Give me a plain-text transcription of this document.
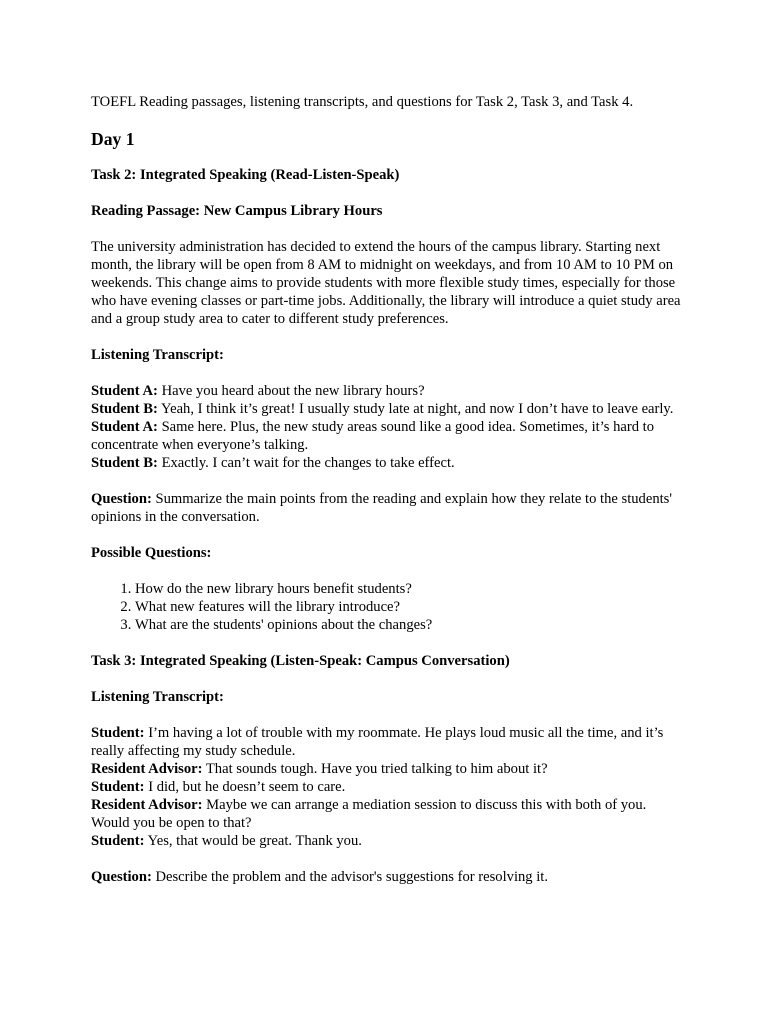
TOEFL Reading passages, listening transcripts, and questions for Task 2, Task 3, and Task 4.

Day 1

Task 2: Integrated Speaking (Read-Listen-Speak)

Reading Passage: New Campus Library Hours

The university administration has decided to extend the hours of the campus library. Starting next month, the library will be open from 8 AM to midnight on weekdays, and from 10 AM to 10 PM on weekends. This change aims to provide students with more flexible study times, especially for those who have evening classes or part-time jobs. Additionally, the library will introduce a quiet study area and a group study area to cater to different study preferences.

Listening Transcript:

Student A: Have you heard about the new library hours?

Student B: Yeah, I think it’s great! I usually study late at night, and now I don’t have to leave early.

Student A: Same here. Plus, the new study areas sound like a good idea. Sometimes, it’s hard to concentrate when everyone’s talking.

Student B: Exactly. I can’t wait for the changes to take effect.

Question: Summarize the main points from the reading and explain how they relate to the students' opinions in the conversation.

Possible Questions:

1. How do the new library hours benefit students?
2. What new features will the library introduce?
3. What are the students' opinions about the changes?

Task 3: Integrated Speaking (Listen-Speak: Campus Conversation)

Listening Transcript:

Student: I’m having a lot of trouble with my roommate. He plays loud music all the time, and it’s really affecting my study schedule.

Resident Advisor: That sounds tough. Have you tried talking to him about it?

Student: I did, but he doesn’t seem to care.

Resident Advisor: Maybe we can arrange a mediation session to discuss this with both of you. Would you be open to that?

Student: Yes, that would be great. Thank you.

Question: Describe the problem and the advisor's suggestions for resolving it.
